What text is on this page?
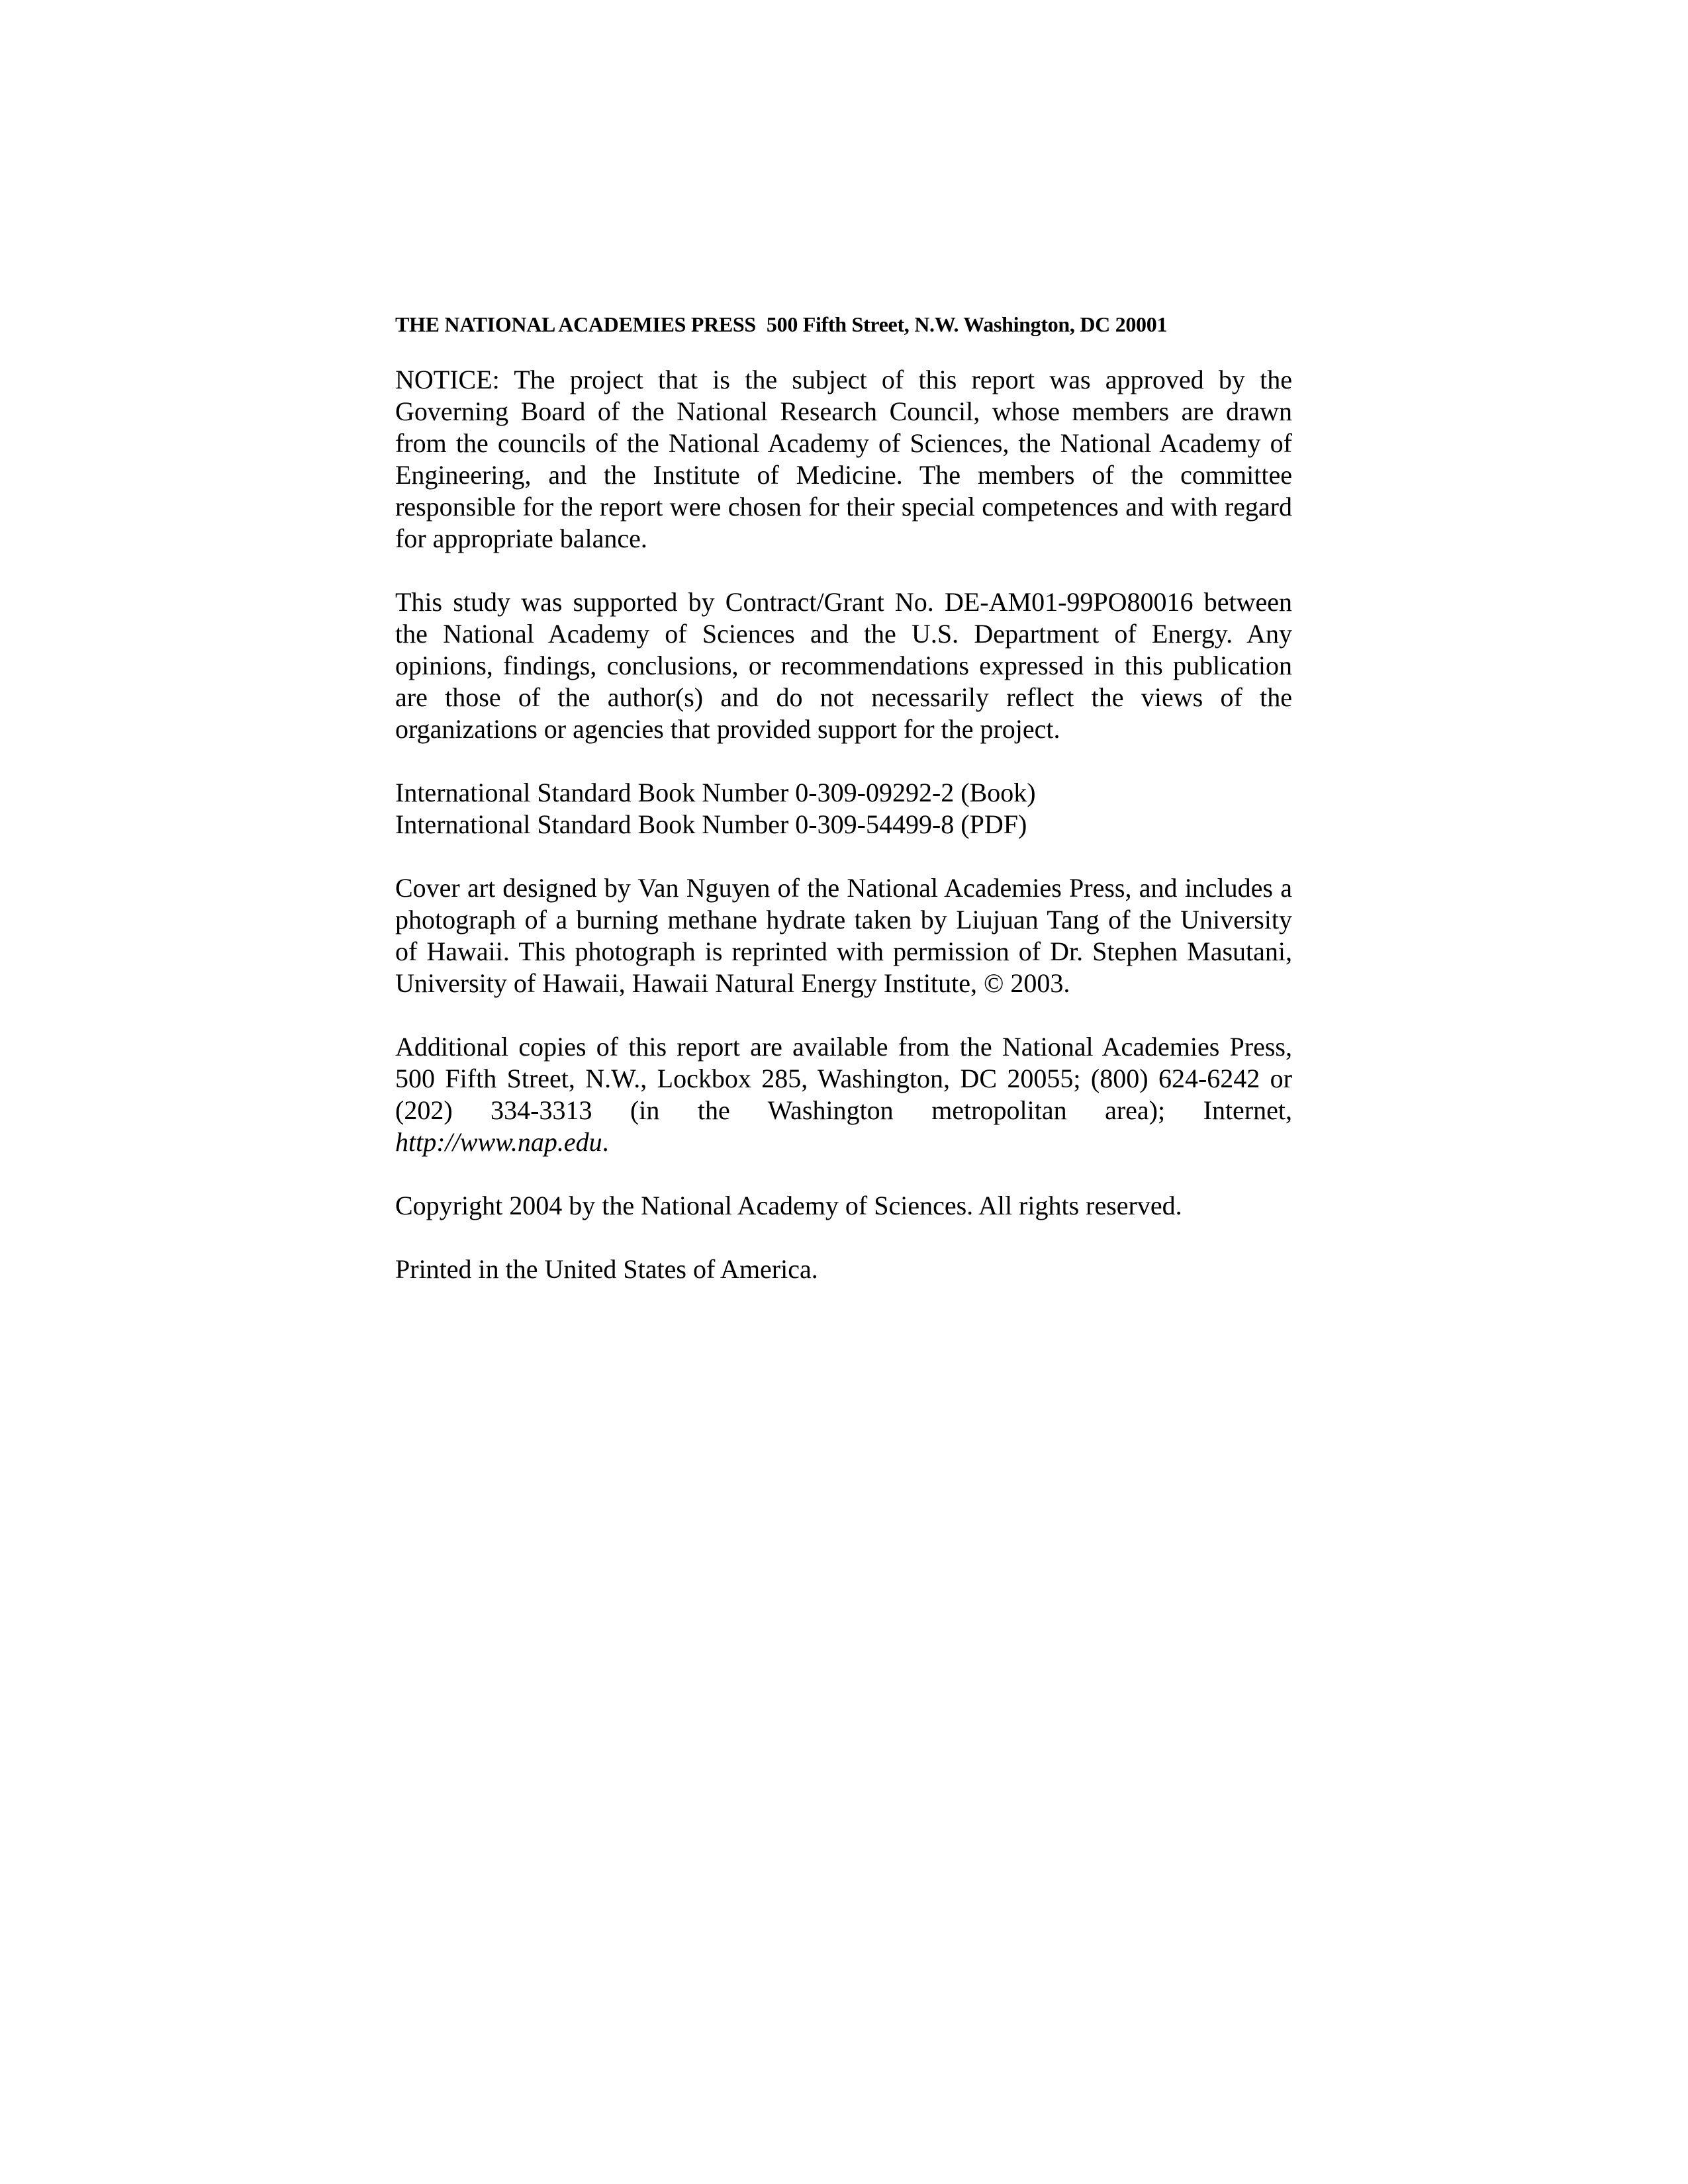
THE NATIONAL ACADEMIES PRESS 500 Fifth Street, N.W. Washington, DC 20001

NOTICE: The project that is the subject of this report was approved by the Governing Board of the National Research Council, whose members are drawn from the councils of the National Academy of Sciences, the National Academy of Engineering, and the Institute of Medicine. The members of the committee responsible for the report were chosen for their special competences and with regard for appropriate balance.

This study was supported by Contract/Grant No. DE-AM01-99PO80016 between the National Academy of Sciences and the U.S. Department of Energy. Any opinions, findings, conclusions, or recommendations expressed in this publication are those of the author(s) and do not necessarily reflect the views of the organizations or agencies that provided support for the project.

International Standard Book Number 0-309-09292-2 (Book)
International Standard Book Number 0-309-54499-8 (PDF)

Cover art designed by Van Nguyen of the National Academies Press, and includes a photograph of a burning methane hydrate taken by Liujuan Tang of the University of Hawaii. This photograph is reprinted with permission of Dr. Stephen Masutani, University of Hawaii, Hawaii Natural Energy Institute, © 2003.

Additional copies of this report are available from the National Academies Press, 500 Fifth Street, N.W., Lockbox 285, Washington, DC 20055; (800) 624-6242 or (202) 334-3313 (in the Washington metropolitan area); Internet, http://www.nap.edu.

Copyright 2004 by the National Academy of Sciences. All rights reserved.

Printed in the United States of America.
